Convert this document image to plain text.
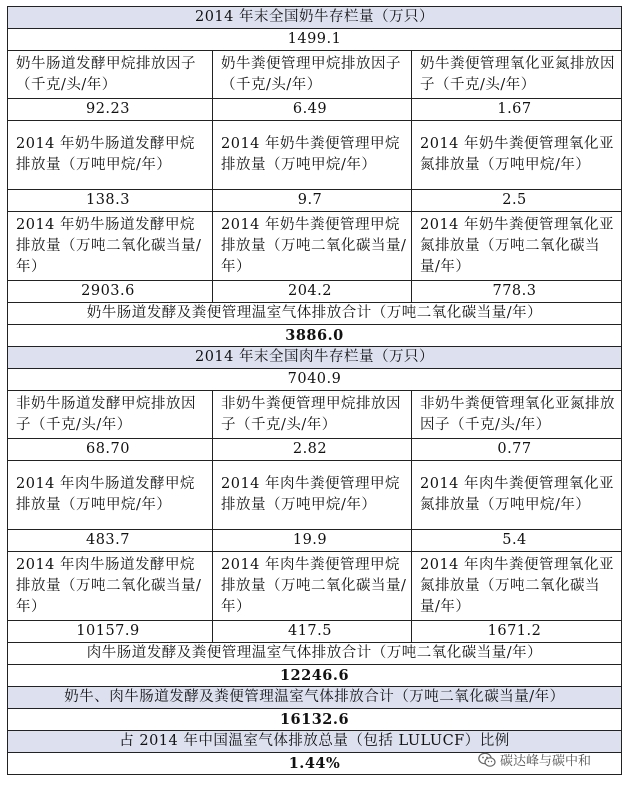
2014 年末全国奶牛存栏量（万只）		
1499.1		
奶牛肠道发酵甲烷排放因子（千克/头/年）	奶牛粪便管理甲烷排放因子（千克/头/年）	奶牛粪便管理氧化亚氮排放因子（千克/头/年）
92.23	6.49	1.67
2014 年奶牛肠道发酵甲烷排放量（万吨甲烷/年）	2014 年奶牛粪便管理甲烷排放量（万吨甲烷/年）	2014 年奶牛粪便管理氧化亚氮排放量（万吨甲烷/年）
138.3	9.7	2.5
2014 年奶牛肠道发酵甲烷排放量（万吨二氧化碳当量/年）	2014 年奶牛粪便管理甲烷排放量（万吨二氧化碳当量/年）	2014 年奶牛粪便管理氧化亚氮排放量（万吨二氧化碳当量/年）
2903.6	204.2	778.3
奶牛肠道发酵及粪便管理温室气体排放合计（万吨二氧化碳当量/年）		
3886.0		
2014 年末全国肉牛存栏量（万只）		
7040.9		
非奶牛肠道发酵甲烷排放因子（千克/头/年）	非奶牛粪便管理甲烷排放因子（千克/头/年）	非奶牛粪便管理氧化亚氮排放因子（千克/头/年）
68.70	2.82	0.77
2014 年肉牛肠道发酵甲烷排放量（万吨甲烷/年）	2014 年肉牛粪便管理甲烷排放量（万吨甲烷/年）	2014 年肉牛粪便管理氧化亚氮排放量（万吨甲烷/年）
483.7	19.9	5.4
2014 年肉牛肠道发酵甲烷排放量（万吨二氧化碳当量/年）	2014 年肉牛粪便管理甲烷排放量（万吨二氧化碳当量/年）	2014 年肉牛粪便管理氧化亚氮排放量（万吨二氧化碳当量/年）
10157.9	417.5	1671.2
肉牛肠道发酵及粪便管理温室气体排放合计（万吨二氧化碳当量/年）		
12246.6		
奶牛、肉牛肠道发酵及粪便管理温室气体排放合计（万吨二氧化碳当量/年）		
16132.6		
占 2014 年中国温室气体排放总量（包括 LULUCF）比例		
1.44%			碳达峰与碳中和
